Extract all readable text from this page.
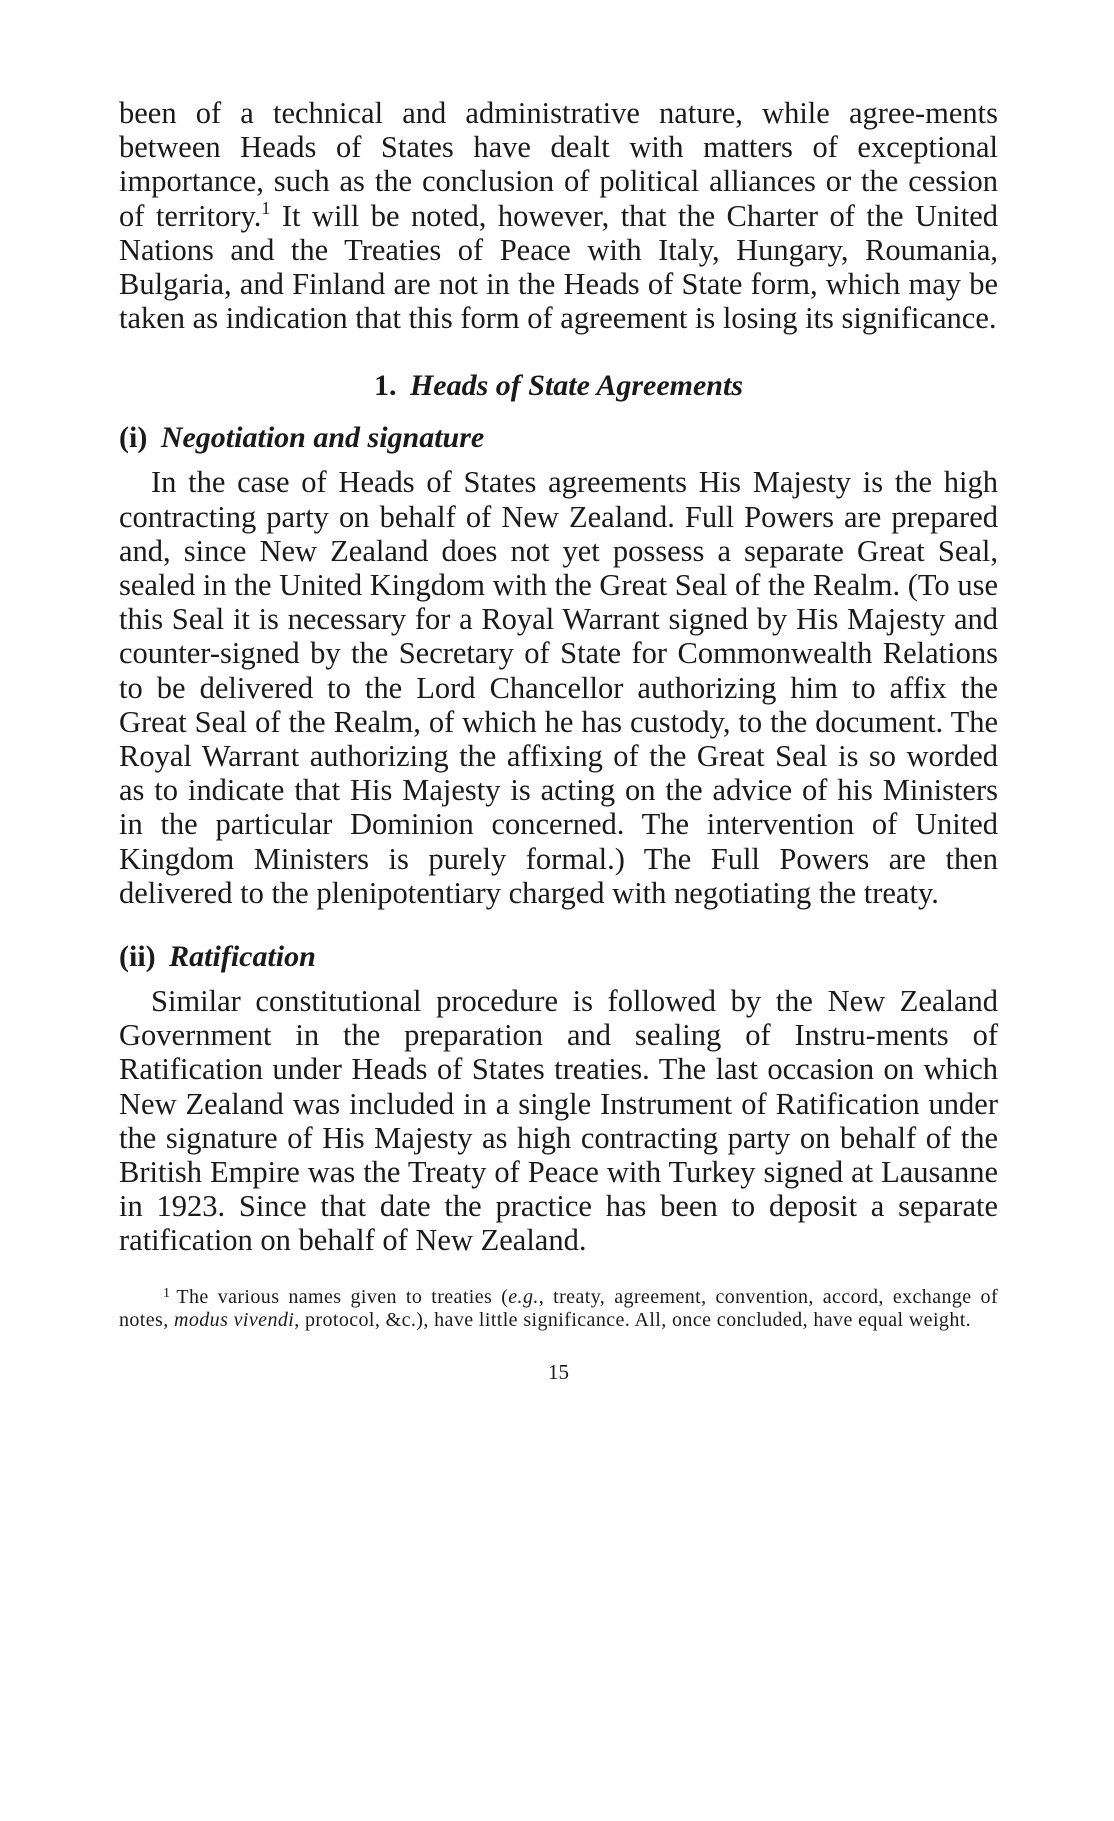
been of a technical and administrative nature, while agree-ments between Heads of States have dealt with matters of exceptional importance, such as the conclusion of political alliances or the cession of territory.$^1$ It will be noted, however, that the Charter of the United Nations and the Treaties of Peace with Italy, Hungary, Roumania, Bulgaria, and Finland are not in the Heads of State form, which may be taken as indication that this form of agreement is losing its significance.

1. Heads of State Agreements
(i) Negotiation and signature

In the case of Heads of States agreements His Majesty is the high contracting party on behalf of New Zealand. Full Powers are prepared and, since New Zealand does not yet possess a separate Great Seal, sealed in the United Kingdom with the Great Seal of the Realm. (To use this Seal it is necessary for a Royal Warrant signed by His Majesty and counter-signed by the Secretary of State for Commonwealth Relations to be delivered to the Lord Chancellor authorizing him to affix the Great Seal of the Realm, of which he has custody, to the document. The Royal Warrant authorizing the affixing of the Great Seal is so worded as to indicate that His Majesty is acting on the advice of his Ministers in the particular Dominion concerned. The intervention of United Kingdom Ministers is purely formal.) The Full Powers are then delivered to the plenipotentiary charged with negotiating the treaty.

(ii) Ratification

Similar constitutional procedure is followed by the New Zealand Government in the preparation and sealing of Instru-ments of Ratification under Heads of States treaties. The last occasion on which New Zealand was included in a single Instrument of Ratification under the signature of His Majesty as high contracting party on behalf of the British Empire was the Treaty of Peace with Turkey signed at Lausanne in 1923. Since that date the practice has been to deposit a separate ratification on behalf of New Zealand.

$^1$ The various names given to treaties (e.g., treaty, agreement, convention, accord, exchange of notes, modus vivendi, protocol, &c.), have little significance. All, once concluded, have equal weight.

15
